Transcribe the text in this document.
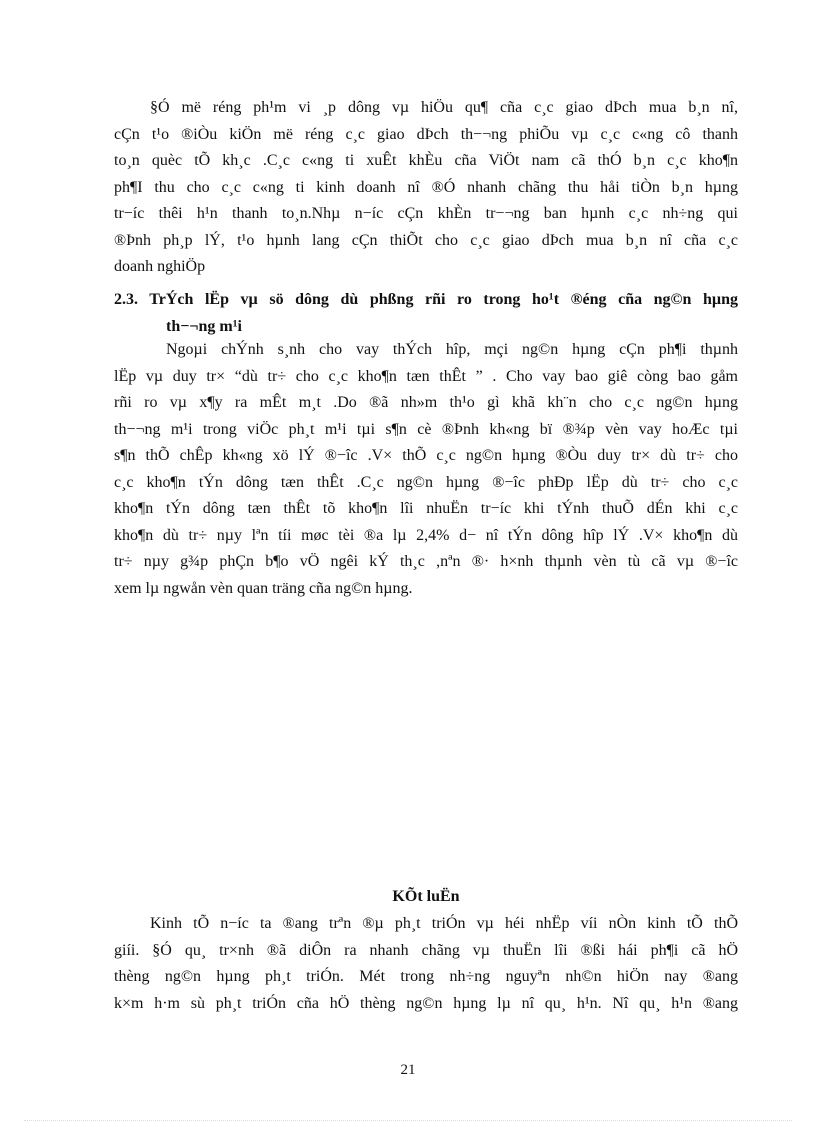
§Ó më réng ph¹m vi ¸p dông vµ hiÖu qu¶ cña c¸c giao dÞch mua b¸n nî,
cÇn t¹o ®iÒu kiÖn më réng c¸c giao dÞch th−¬ng phiÕu vµ c¸c c«ng cô thanh
to¸n quèc tÕ kh¸c .C¸c c«ng ti xuÊt khÈu cña ViÖt nam cã thÓ b¸n c¸c kho¶n
ph¶I thu cho c¸c c«ng ti kinh doanh nî ®Ó nhanh chãng thu håi tiÒn b¸n hµng
tr−íc thêi h¹n thanh to¸n.Nhµ n−íc cÇn khÈn tr−¬ng ban hµnh c¸c nh÷ng qui
®Þnh ph¸p lÝ, t¹o hµnh lang cÇn thiÕt cho c¸c giao dÞch mua b¸n nî cña c¸c
doanh nghiÖp
2.3. TrÝch lËp vµ sö dông dù phßng rñi ro trong ho¹t ®éng cña ng©n hµng
th−¬ng m¹i
Ngoµi chÝnh s¸nh cho vay thÝch hîp, mçi ng©n hµng cÇn ph¶i thµnh
lËp vµ duy tr× “dù tr÷ cho c¸c kho¶n tæn thÊt ” . Cho vay bao giê còng bao gåm
rñi ro vµ x¶y ra mÊt m¸t .Do ®ã nh»m th¹o gì khã kh¨n cho c¸c ng©n hµng
th−¬ng m¹i trong viÖc ph¸t m¹i tµi s¶n cè ®Þnh kh«ng bï ®¾p vèn vay hoÆc tµi
s¶n thÕ chÊp kh«ng xö lÝ ®−îc .V× thÕ c¸c ng©n hµng ®Òu duy tr× dù tr÷ cho
c¸c kho¶n tÝn dông tæn thÊt .C¸c ng©n hµng ®−îc phÐp lËp dù tr÷ cho c¸c
kho¶n tÝn dông tæn thÊt tõ kho¶n lîi nhuËn tr−íc khi tÝnh thuÕ dÉn khi c¸c
kho¶n dù tr÷ nµy lªn tíi møc tèi ®a lµ 2,4% d− nî tÝn dông hîp lÝ .V× kho¶n dù
tr÷ nµy g¾p phÇn b¶o vÖ ngêi kÝ th¸c ,nªn ®· h×nh thµnh vèn tù cã vµ ®−îc
xem lµ ngwån vèn quan träng cña ng©n hµng.
KÕt luËn
Kinh tÕ n−íc ta ®ang trªn ®µ ph¸t triÓn vµ héi nhËp víi nÒn kinh tÕ thÕ
giíi. §Ó qu¸ tr×nh ®ã diÔn ra nhanh chãng vµ thuËn lîi ®ßi hái ph¶i cã hÖ
thèng ng©n hµng ph¸t triÓn. Mét trong nh÷ng nguyªn nh©n hiÖn nay ®ang
k×m h·m sù ph¸t triÓn cña hÖ thèng ng©n hµng lµ nî qu¸ h¹n. Nî qu¸ h¹n ®ang
21
